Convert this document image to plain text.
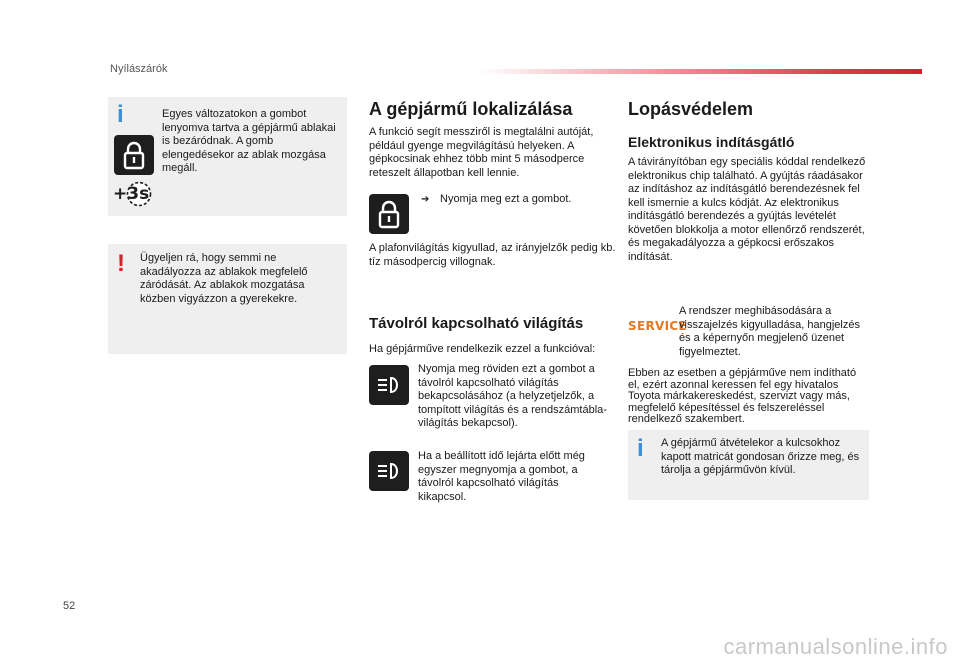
Nyílászárók
i
+3s
Egyes változatokon a gombot lenyomva tartva a gépjármű ablakai is bezáródnak. A gomb elengedésekor az ablak mozgása megáll.
! Ügyeljen rá, hogy semmi ne akadályozza az ablakok megfelelő záródását. Az ablakok mozgatása közben vigyázzon a gyerekekre.
A gépjármű lokalizálása
A funkció segít messziről is megtalálni autóját, például gyenge megvilágítású helyeken. A gépkocsinak ehhez több mint 5 másodperce reteszelt állapotban kell lennie.
➔ Nyomja meg ezt a gombot.
A plafonvilágítás kigyullad, az irányjelzők pedig kb. tíz másodpercig villognak.
Távolról kapcsolható világítás
Ha gépjárműve rendelkezik ezzel a funkcióval:
Nyomja meg röviden ezt a gombot a távolról kapcsolható világítás bekapcsolásához (a helyzetjelzők, a tompított világítás és a rendszámtábla-világítás bekapcsol).
Ha a beállított idő lejárta előtt még egyszer megnyomja a gombot, a távolról kapcsolható világítás kikapcsol.
Lopásvédelem
Elektronikus indításgátló
A távirányítóban egy speciális kóddal rendelkező elektronikus chip található. A gyújtás ráadásakor az indításhoz az indításgátló berendezésnek fel kell ismernie a kulcs kódját. Az elektronikus indításgátló berendezés a gyújtás levételét követően blokkolja a motor ellenőrző rendszerét, és megakadályozza a gépkocsi erőszakos indítását.
SERVICE
A rendszer meghibásodására a visszajelzés kigyulladása, hangjelzés és a képernyőn megjelenő üzenet figyelmeztet.
Ebben az esetben a gépjárműve nem indítható el, ezért azonnal keressen fel egy hivatalos Toyota márkakereskedést, szervizt vagy más, megfelelő képesítéssel és felszereléssel rendelkező szakembert.
i A gépjármű átvételekor a kulcsokhoz kapott matricát gondosan őrizze meg, és tárolja a gépjárművön kívül.
52
carmanualsonline.info
